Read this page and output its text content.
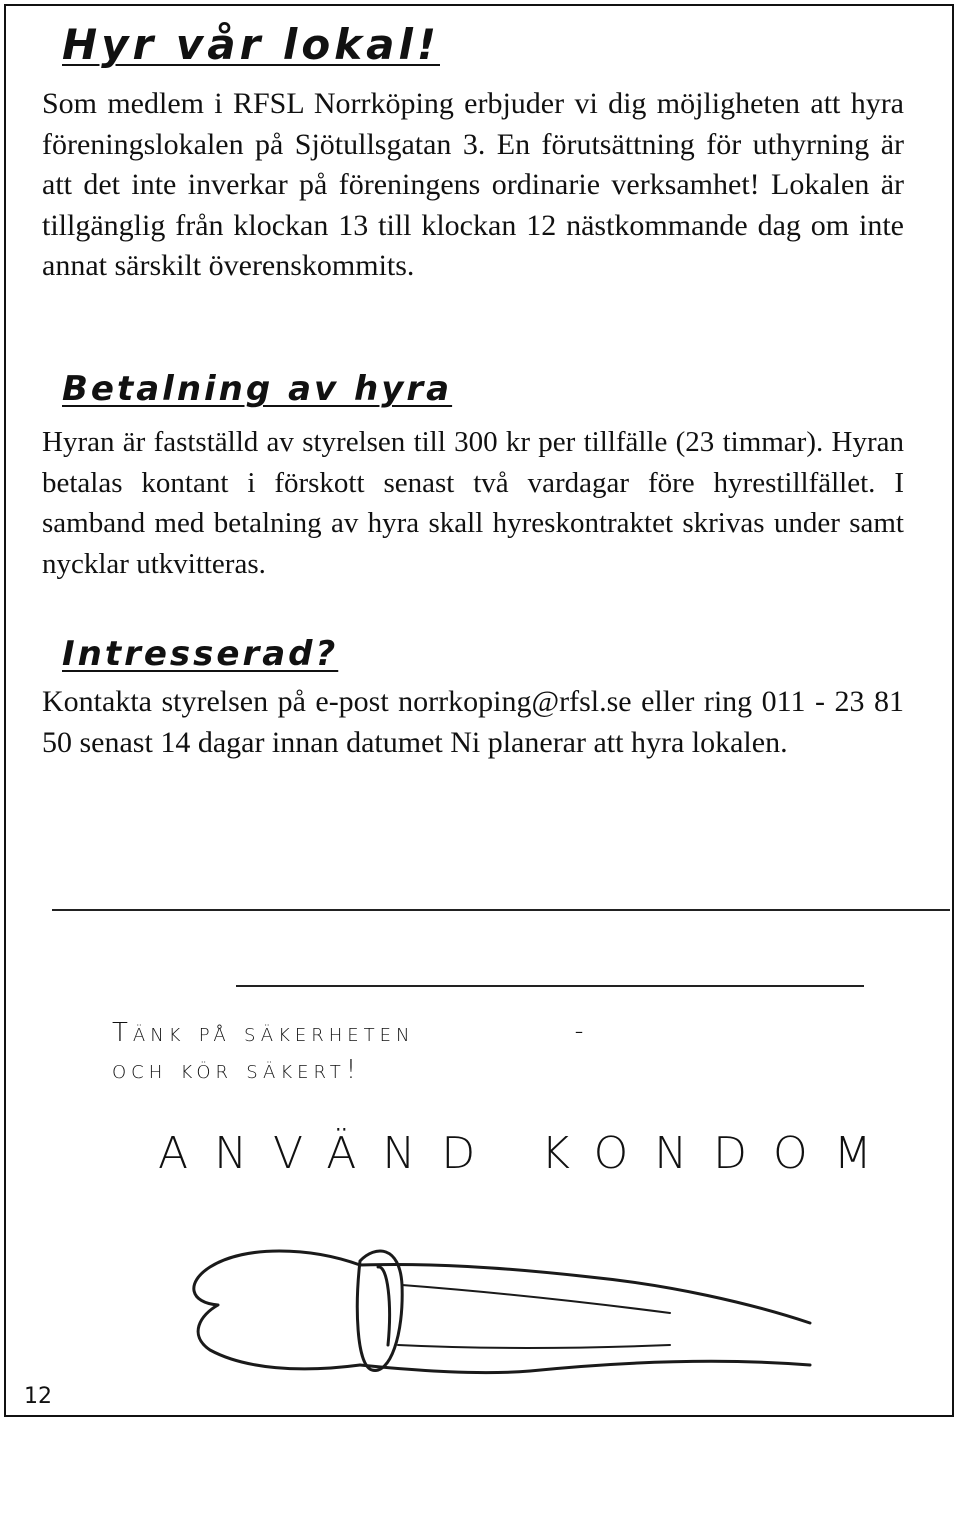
Hyr vår lokal!

Som medlem i RFSL Norrköping erbjuder vi dig möjligheten att hyra föreningslokalen på Sjötullsgatan 3. En förutsättning för uthyrning är att det inte inverkar på föreningens ordinarie verksamhet! Lokalen är tillgänglig från klockan 13 till klockan 12 nästkommande dag om inte annat särskilt överenskommits.

Betalning av hyra

Hyran är fastställd av styrelsen till 300 kr per tillfälle (23 timmar). Hyran betalas kontant i förskott senast två vardagar före hyrestillfället. I samband med betalning av hyra skall hyreskontraktet skrivas under samt nycklar utkvitteras.

Intresserad?

Kontakta styrelsen på e-post norrkoping@rfsl.se eller ring 011 - 23 81 50 senast 14 dagar innan datumet Ni planerar att hyra lokalen.

Tänk på säkerheten
och kör säkert!
–
ANVÄND KONDOM
12
